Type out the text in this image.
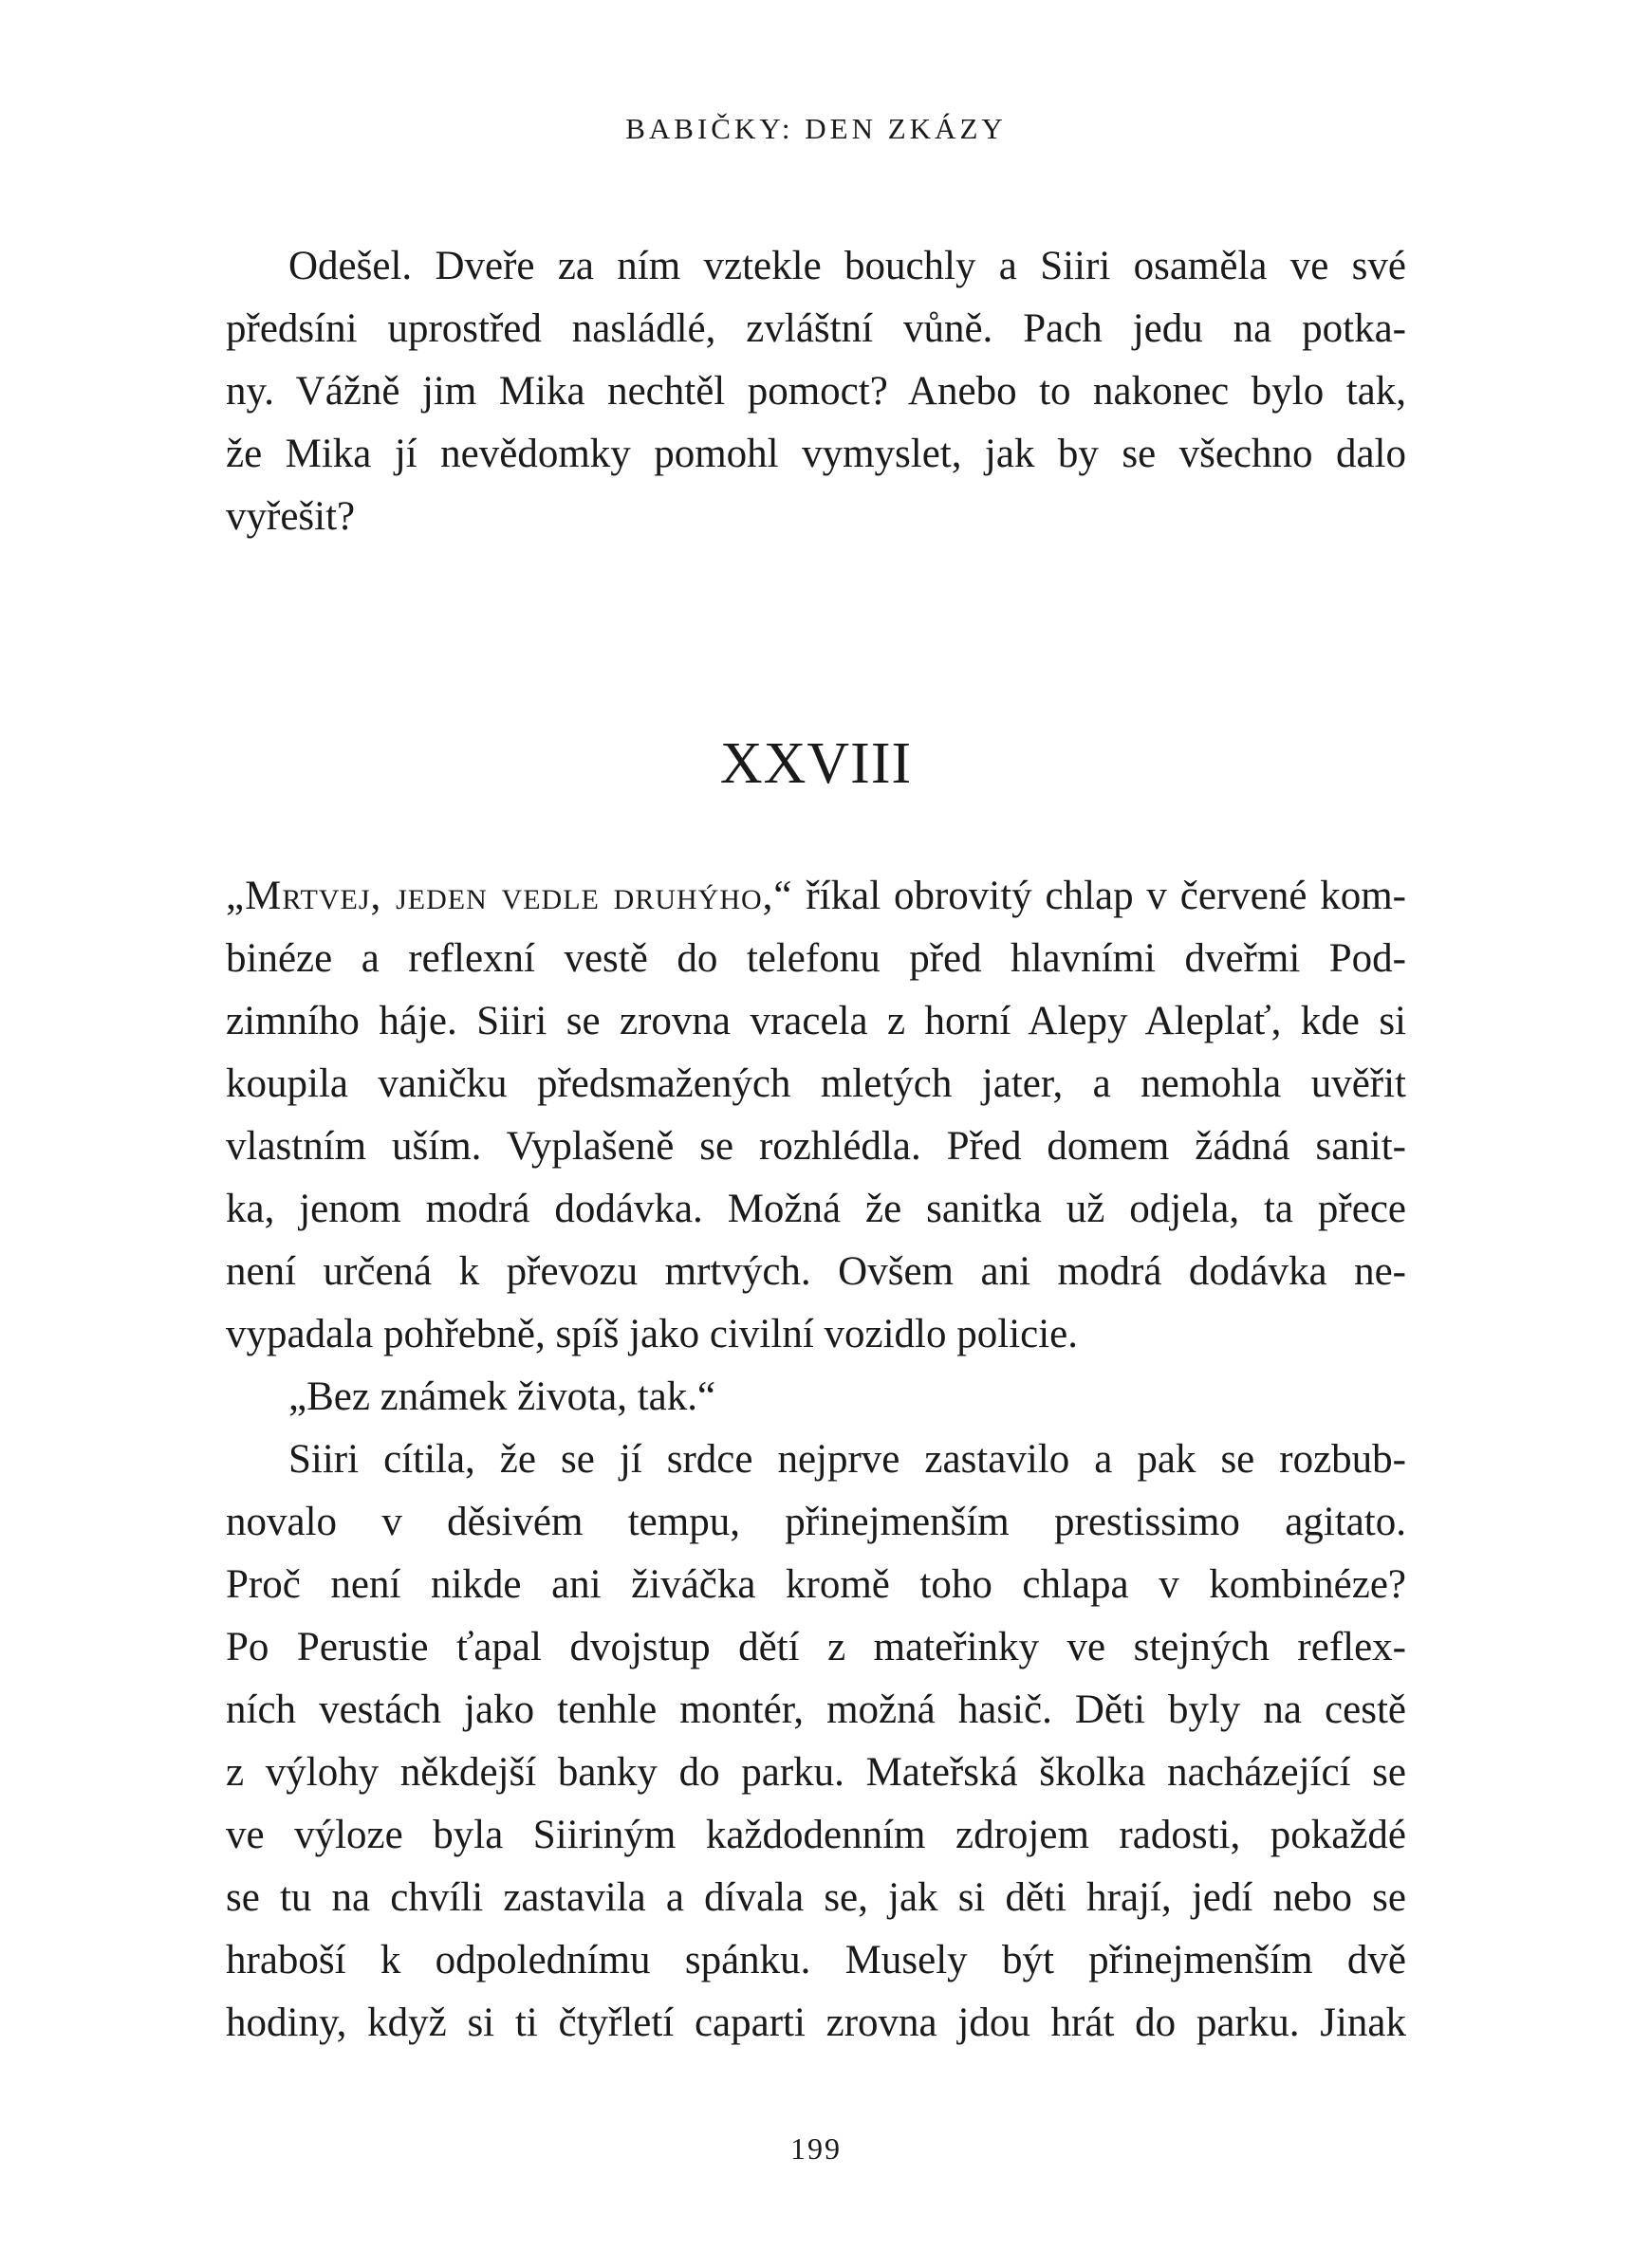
BABIČKY: DEN ZKÁZY
Odešel. Dveře za ním vztekle bouchly a Siiri osaměla ve své
předsíni uprostřed nasládlé, zvláštní vůně. Pach jedu na potka-
ny. Vážně jim Mika nechtěl pomoct? Anebo to nakonec bylo tak,
že Mika jí nevědomky pomohl vymyslet, jak by se všechno dalo
vyřešit?
XXVIII
„Mrtvej, jeden vedle druhýho,“ říkal obrovitý chlap v červené kom-
binéze a reflexní vestě do telefonu před hlavními dveřmi Pod-
zimního háje. Siiri se zrovna vracela z horní Alepy Aleplať, kde si
koupila vaničku předsmažených mletých jater, a nemohla uvěřit
vlastním uším. Vyplašeně se rozhlédla. Před domem žádná sanit-
ka, jenom modrá dodávka. Možná že sanitka už odjela, ta přece
není určená k převozu mrtvých. Ovšem ani modrá dodávka ne-
vypadala pohřebně, spíš jako civilní vozidlo policie.
„Bez známek života, tak.“
Siiri cítila, že se jí srdce nejprve zastavilo a pak se rozbub-
novalo v děsivém tempu, přinejmenším prestissimo agitato.
Proč není nikde ani živáčka kromě toho chlapa v kombinéze?
Po Perustie ťapal dvojstup dětí z mateřinky ve stejných reflex-
ních vestách jako tenhle montér, možná hasič. Děti byly na cestě
z výlohy někdejší banky do parku. Mateřská školka nacházející se
ve výloze byla Siiriným každodenním zdrojem radosti, pokaždé
se tu na chvíli zastavila a dívala se, jak si děti hrají, jedí nebo se
hraboší k odpolednímu spánku. Musely být přinejmenším dvě
hodiny, když si ti čtyřletí caparti zrovna jdou hrát do parku. Jinak
199
